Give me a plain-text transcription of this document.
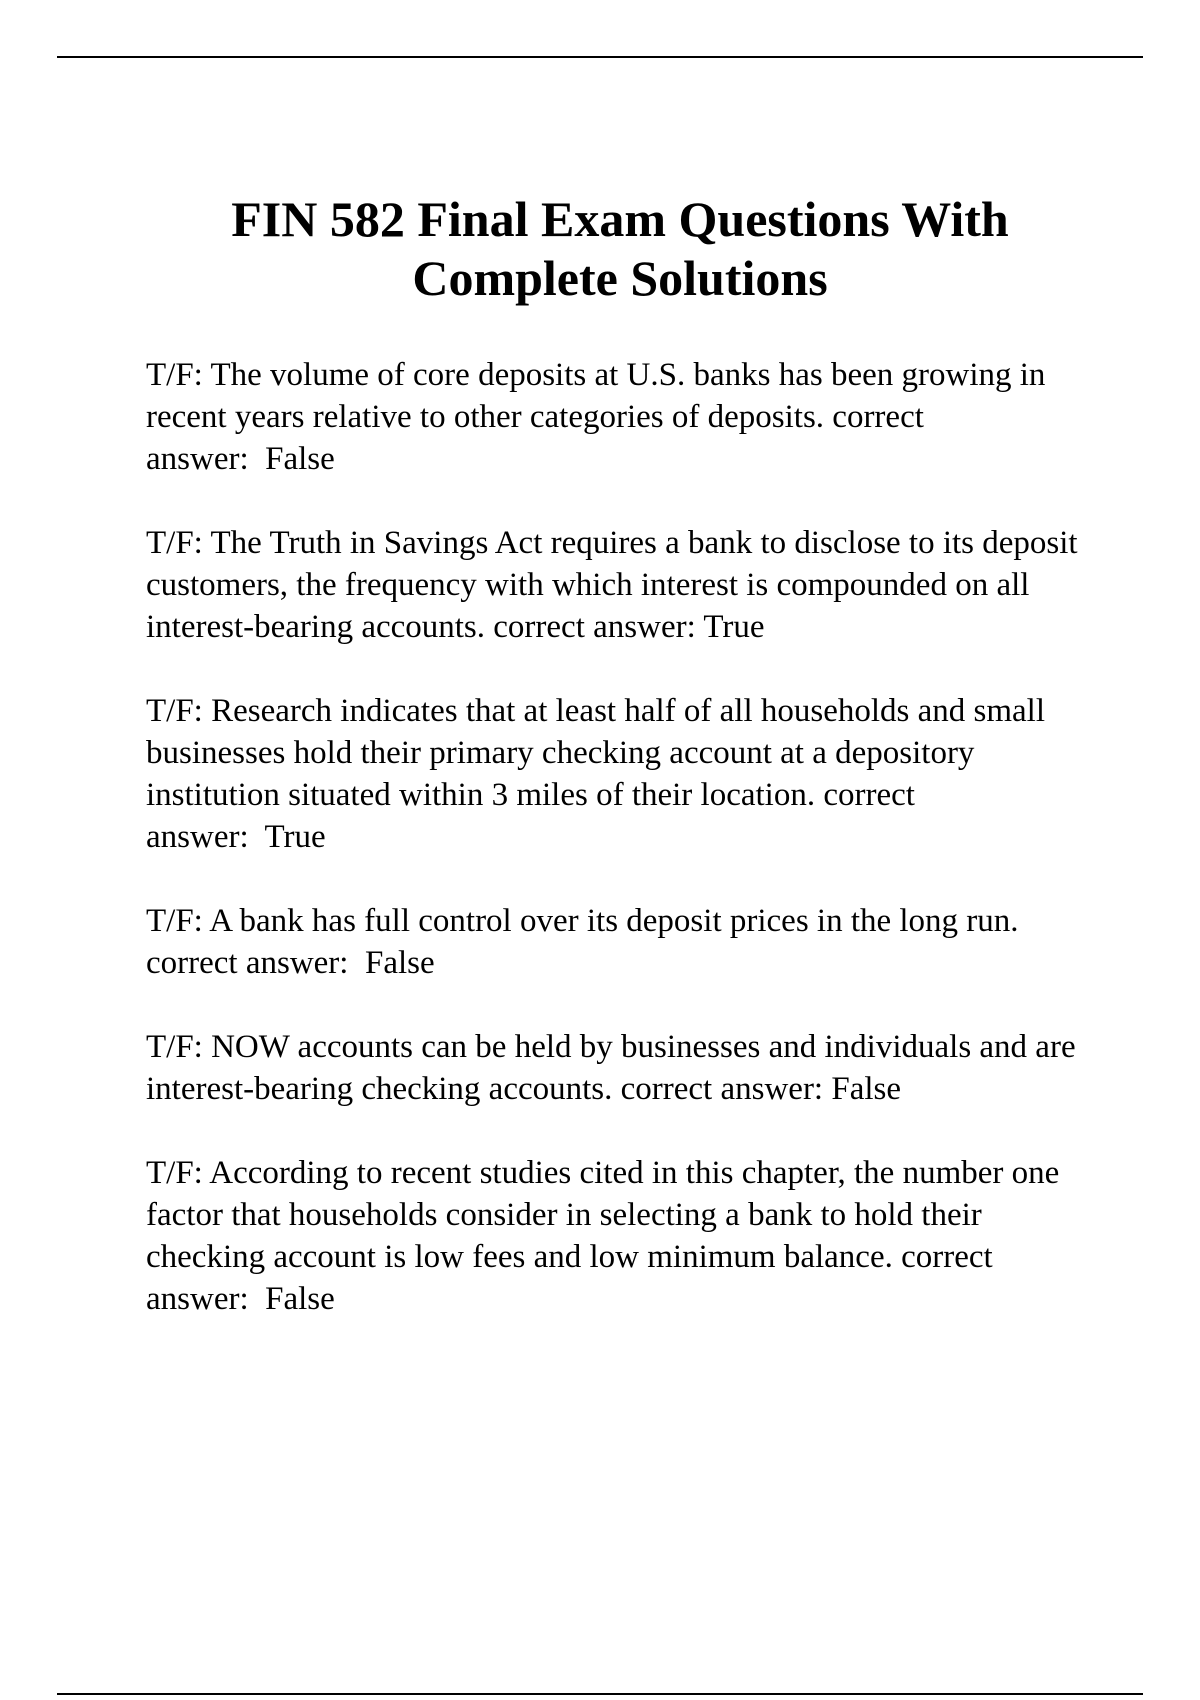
FIN 582 Final Exam Questions With
Complete Solutions
T/F: The volume of core deposits at U.S. banks has been growing in recent years relative to other categories of deposits. correct answer: False
T/F: The Truth in Savings Act requires a bank to disclose to its deposit customers, the frequency with which interest is compounded on all interest-bearing accounts. correct answer: True
T/F: Research indicates that at least half of all households and small businesses hold their primary checking account at a depository institution situated within 3 miles of their location. correct answer: True
T/F: A bank has full control over its deposit prices in the long run. correct answer: False
T/F: NOW accounts can be held by businesses and individuals and are interest-bearing checking accounts. correct answer: False
T/F: According to recent studies cited in this chapter, the number one factor that households consider in selecting a bank to hold their checking account is low fees and low minimum balance. correct answer: False
